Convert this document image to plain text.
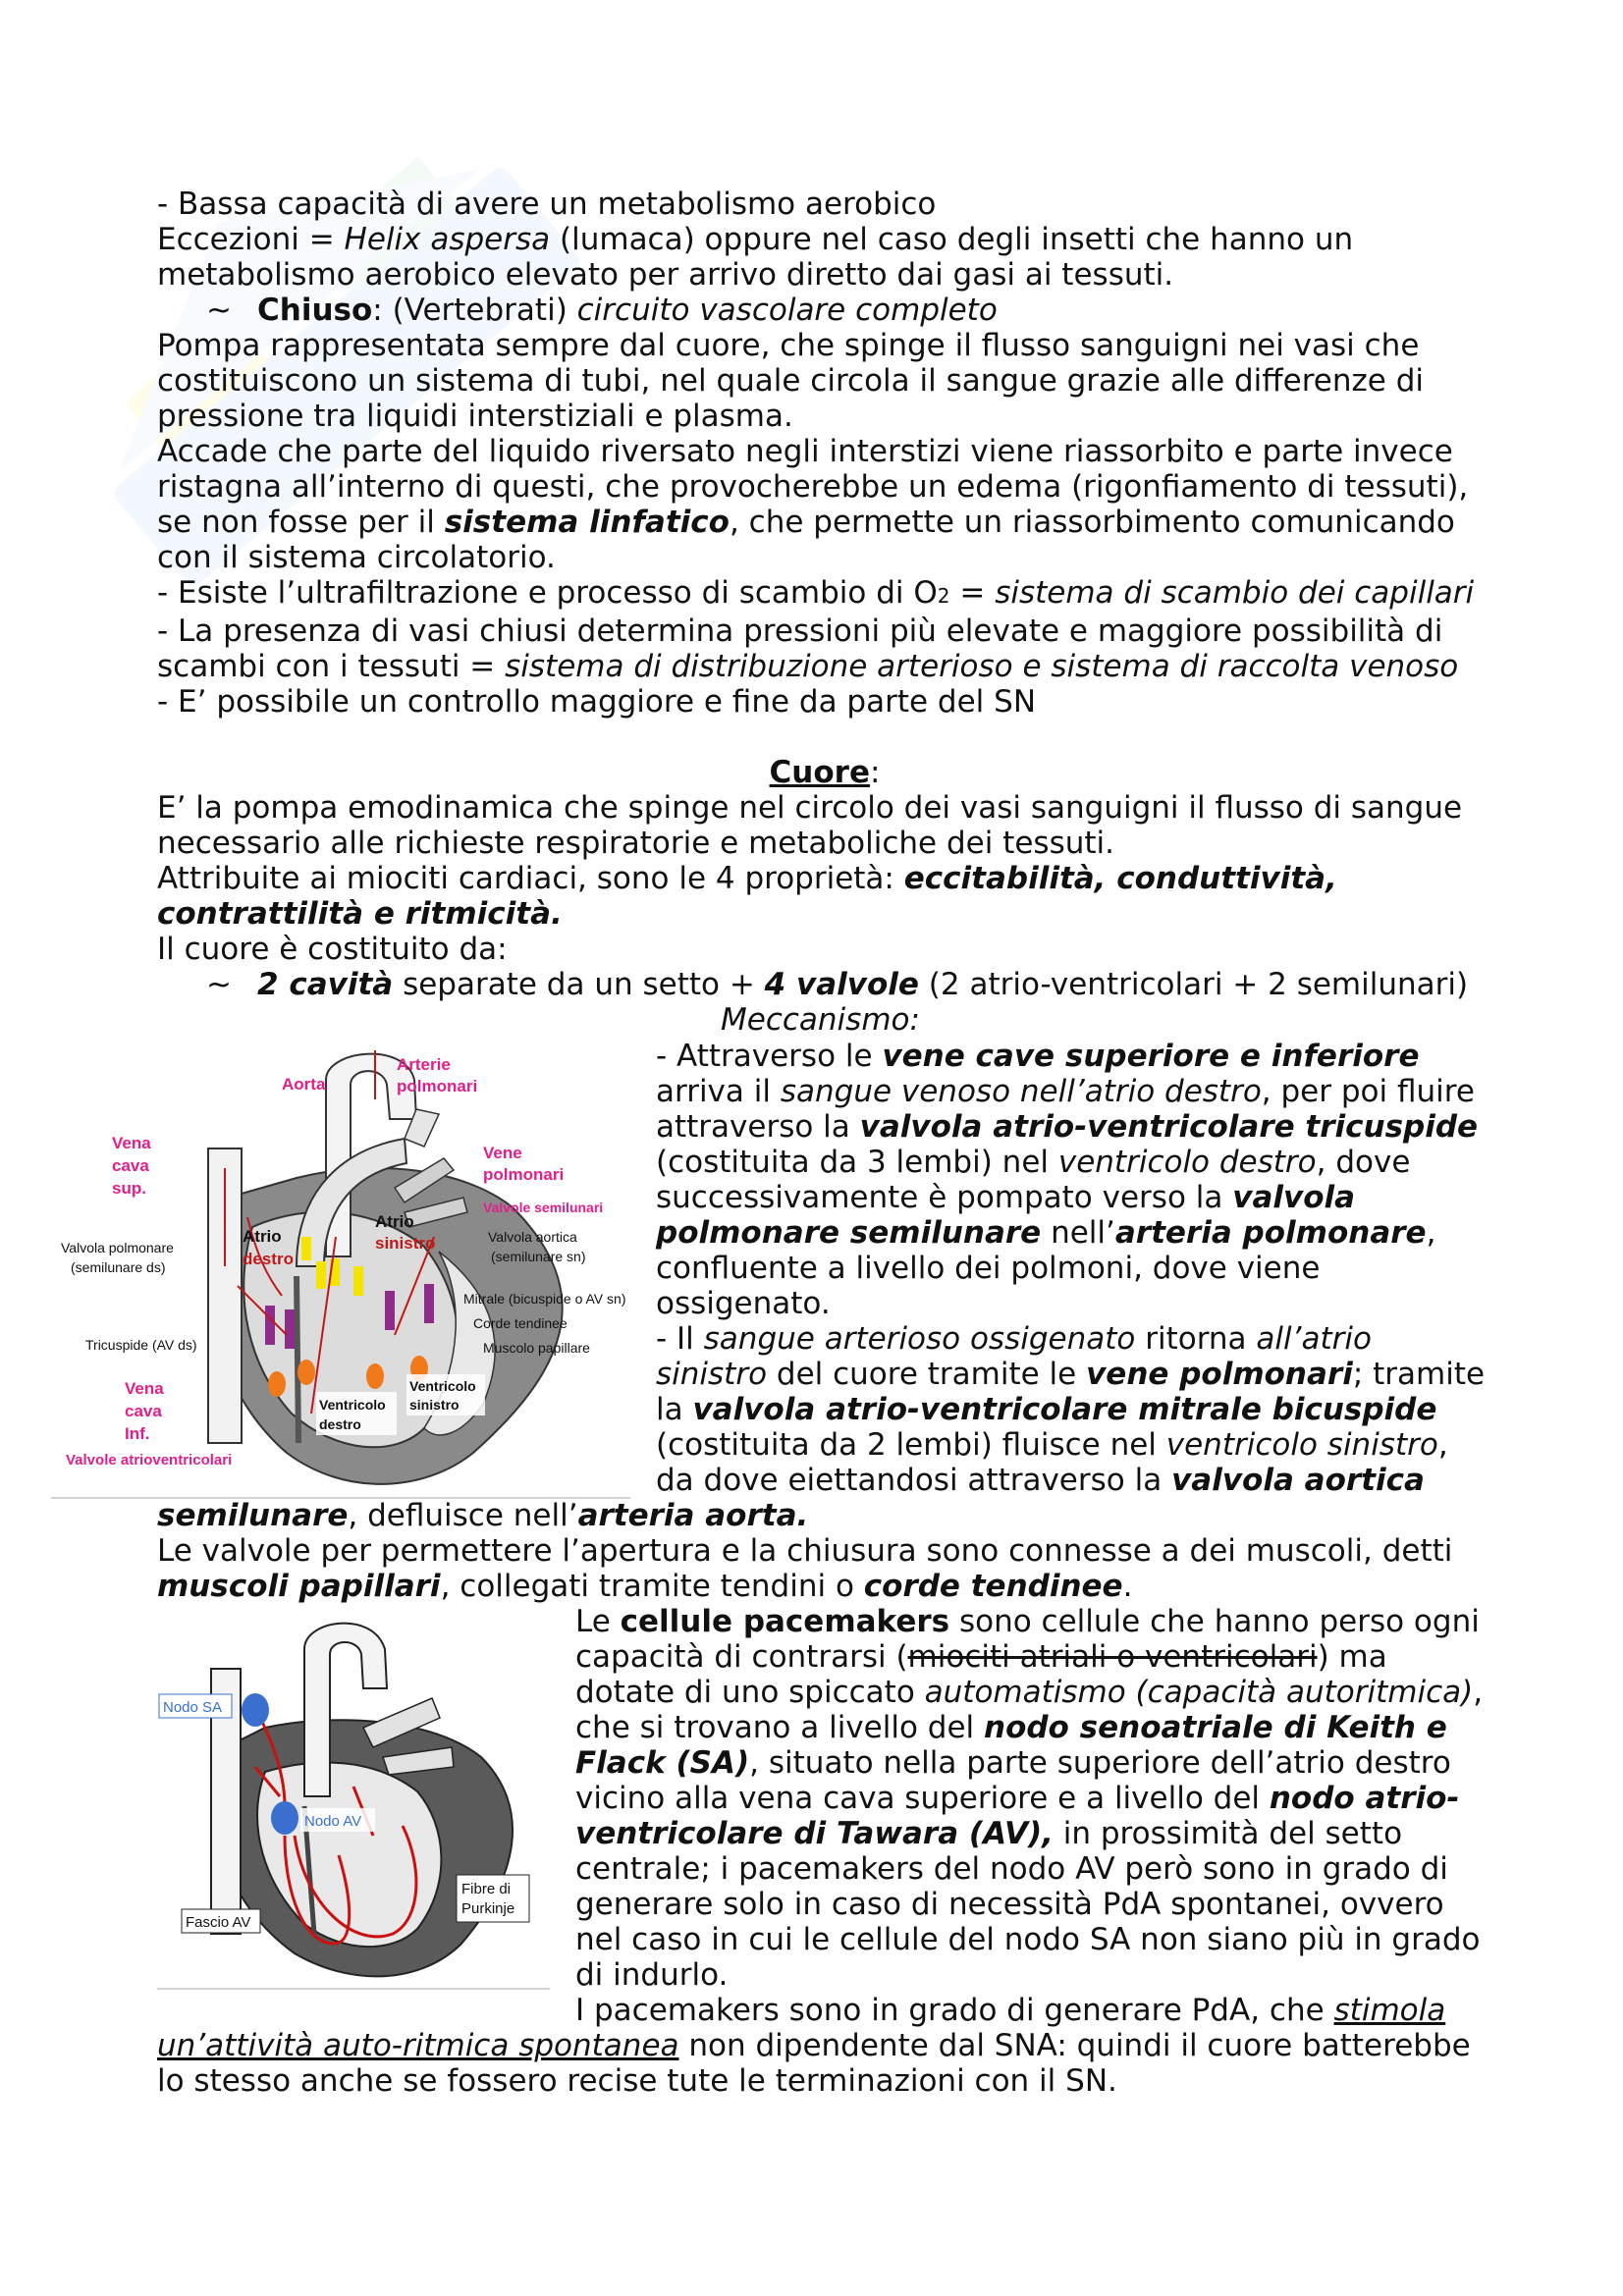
- Bassa capacità di avere un metabolismo aerobico

Eccezioni = Helix aspersa (lumaca) oppure nel caso degli insetti che hanno un

metabolismo aerobico elevato per arrivo diretto dai gasi ai tessuti.

~ Chiuso: (Vertebrati) circuito vascolare completo

Pompa rappresentata sempre dal cuore, che spinge il flusso sanguigni nei vasi che

costituiscono un sistema di tubi, nel quale circola il sangue grazie alle differenze di

pressione tra liquidi interstiziali e plasma.

Accade che parte del liquido riversato negli interstizi viene riassorbito e parte invece

ristagna all’interno di questi, che provocherebbe un edema (rigonfiamento di tessuti),

se non fosse per il sistema linfatico, che permette un riassorbimento comunicando

con il sistema circolatorio.

- Esiste l’ultrafiltrazione e processo di scambio di O2 = sistema di scambio dei capillari

- La presenza di vasi chiusi determina pressioni più elevate e maggiore possibilità di

scambi con i tessuti = sistema di distribuzione arterioso e sistema di raccolta venoso

- E’ possibile un controllo maggiore e fine da parte del SN

Cuore:

E’ la pompa emodinamica che spinge nel circolo dei vasi sanguigni il flusso di sangue

necessario alle richieste respiratorie e metaboliche dei tessuti.

Attribuite ai miociti cardiaci, sono le 4 proprietà: eccitabilità, conduttività,

contrattilità e ritmicità.

Il cuore è costituito da:

~ 2 cavità separate da un setto + 4 valvole (2 atrio-ventricolari + 2 semilunari)

Meccanismo:

- Attraverso le vene cave superiore e inferiore

arriva il sangue venoso nell’atrio destro, per poi fluire

attraverso la valvola atrio-ventricolare tricuspide

(costituita da 3 lembi) nel ventricolo destro, dove

successivamente è pompato verso la valvola

polmonare semilunare nell’arteria polmonare,

confluente a livello dei polmoni, dove viene

ossigenato.

- Il sangue arterioso ossigenato ritorna all’atrio

sinistro del cuore tramite le vene polmonari; tramite

la valvola atrio-ventricolare mitrale bicuspide

(costituita da 2 lembi) fluisce nel ventricolo sinistro,

da dove eiettandosi attraverso la valvola aortica

semilunare, defluisce nell’arteria aorta.

Le valvole per permettere l’apertura e la chiusura sono connesse a dei muscoli, detti

muscoli papillari, collegati tramite tendini o corde tendinee.

Le cellule pacemakers sono cellule che hanno perso ogni

capacità di contrarsi (miociti atriali o ventricolari) ma

dotate di uno spiccato automatismo (capacità autoritmica),

che si trovano a livello del nodo senoatriale di Keith e

Flack (SA), situato nella parte superiore dell’atrio destro

vicino alla vena cava superiore e a livello del nodo atrio-

ventricolare di Tawara (AV), in prossimità del setto

centrale; i pacemakers del nodo AV però sono in grado di

generare solo in caso di necessità PdA spontanei, ovvero

nel caso in cui le cellule del nodo SA non siano più in grado

di indurlo.

I pacemakers sono in grado di generare PdA, che stimola

un’attività auto-ritmica spontanea non dipendente dal SNA: quindi il cuore batterebbe

lo stesso anche se fossero recise tute le terminazioni con il SN.

Aorta
Arterie
polmonari
Vena
cava
sup.
Vene
polmonari
Valvole semilunari
Atrio
destro
Atrio
sinistro
Valvola polmonare
(semilunare ds)
Valvola aortica
(semilunare sn)
Mitrale (bicuspide o AV sn)
Corde tendinee
Muscolo papillare
Tricuspide (AV ds)
Ventricolo
sinistro
Ventricolo
destro
Vena
cava
Inf.
Valvole atrioventricolari
Nodo SA
Nodo AV
Fibre di
Purkinje
Fascio AV
